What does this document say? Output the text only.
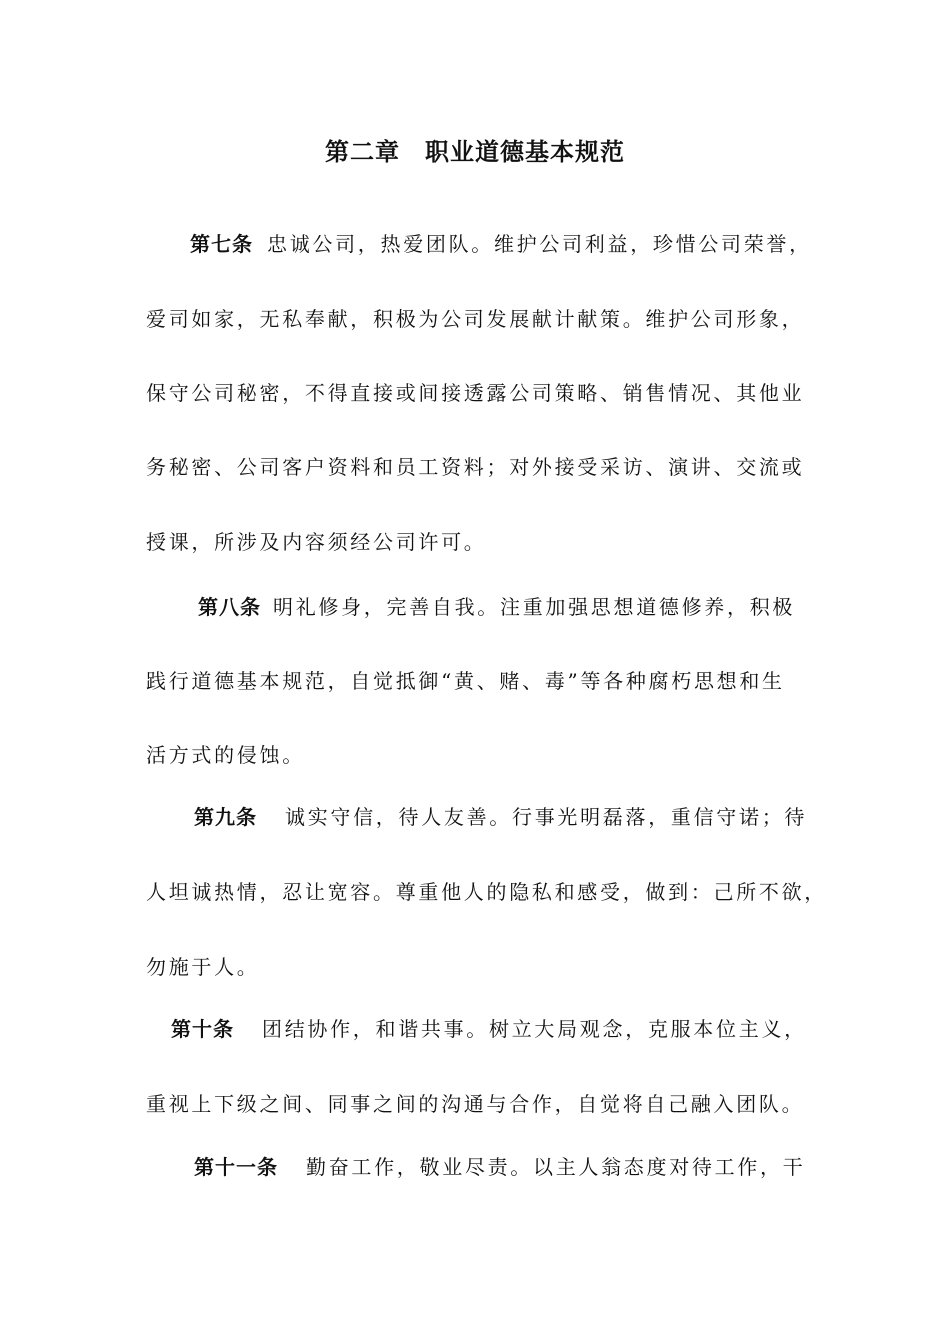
第二章　职业道德基本规范
第七条 忠诚公司，热爱团队。维护公司利益，珍惜公司荣誉，
爱司如家，无私奉献，积极为公司发展献计献策。维护公司形象，
保守公司秘密，不得直接或间接透露公司策略、销售情况、其他业
务秘密、公司客户资料和员工资料；对外接受采访、演讲、交流或
授课，所涉及内容须经公司许可。
第八条 明礼修身，完善自我。注重加强思想道德修养，积极
践行道德基本规范，自觉抵御“黄、赌、毒”等各种腐朽思想和生
活方式的侵蚀。
第九条 诚实守信，待人友善。行事光明磊落，重信守诺；待
人坦诚热情，忍让宽容。尊重他人的隐私和感受，做到：己所不欲，
勿施于人。
第十条 团结协作，和谐共事。树立大局观念，克服本位主义，
重视上下级之间、同事之间的沟通与合作，自觉将自己融入团队。
第十一条 勤奋工作，敬业尽责。以主人翁态度对待工作，干
